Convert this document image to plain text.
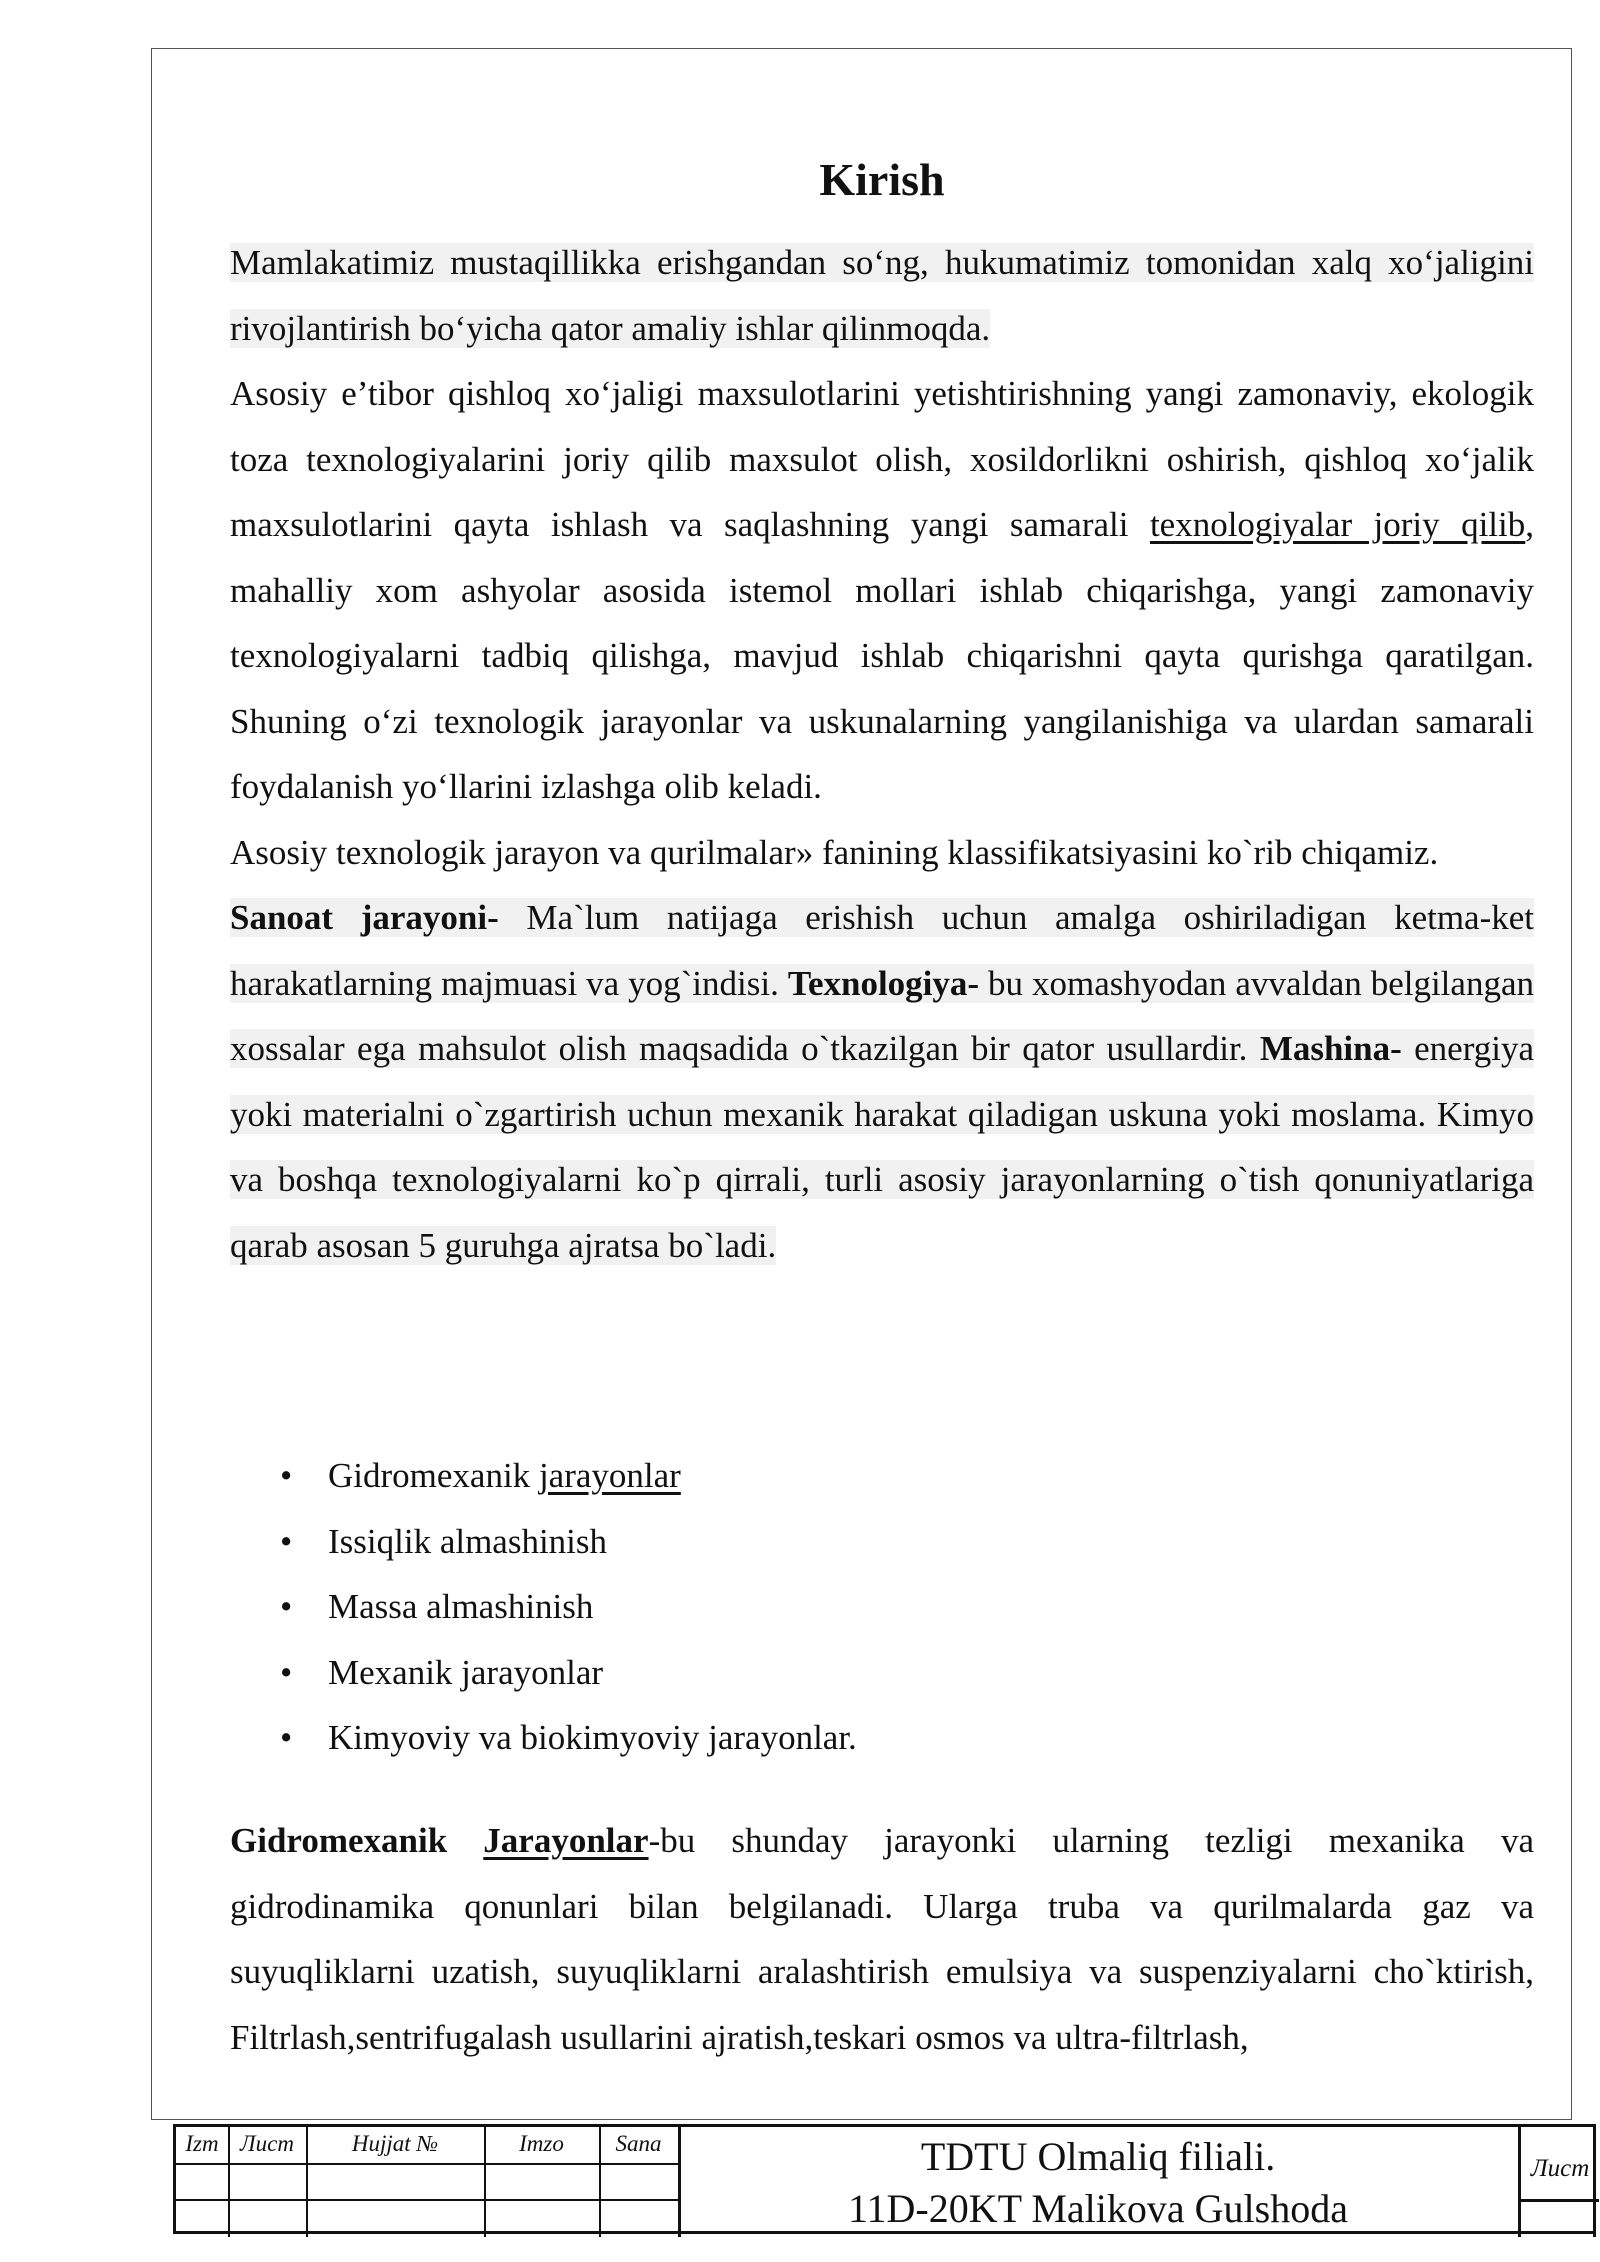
Kirish

Mamlakatimiz mustaqillikka erishgandan so‘ng, hukumatimiz tomonidan xalq xo‘jaligini rivojlantirish bo‘yicha qator amaliy ishlar qilinmoqda.

Asosiy e’tibor qishloq xo‘jaligi maxsulotlarini yetishtirishning yangi zamonaviy, ekologik toza texnologiyalarini joriy qilib maxsulot olish, xosildorlikni oshirish, qishloq xo‘jalik maxsulotlarini qayta ishlash va saqlashning yangi samarali texnologiyalar joriy qilib, mahalliy xom ashyolar asosida istemol mollari ishlab chiqarishga, yangi zamonaviy texnologiyalarni tadbiq qilishga, mavjud ishlab chiqarishni qayta qurishga qaratilgan. Shuning o‘zi texnologik jarayonlar va uskunalarning yangilanishiga va ulardan samarali foydalanish yo‘llarini izlashga olib keladi.

Asosiy texnologik jarayon va qurilmalar» fanining klassifikatsiyasini ko`rib chiqamiz.

Sanoat jarayoni- Ma`lum natijaga erishish uchun amalga oshiriladigan ketma-ket harakatlarning majmuasi va yog`indisi. Texnologiya- bu xomashyodan avvaldan belgilangan xossalar ega mahsulot olish maqsadida o`tkazilgan bir qator usullardir. Mashina- energiya yoki materialni o`zgartirish uchun mexanik harakat qiladigan uskuna yoki moslama. Kimyo va boshqa texnologiyalarni ko`p qirrali, turli asosiy jarayonlarning o`tish qonuniyatlariga qarab asosan 5 guruhga ajratsa bo`ladi.

• Gidromexanik jarayonlar
• Issiqlik almashinish
• Massa almashinish
• Mexanik jarayonlar
• Kimyoviy va biokimyoviy jarayonlar.

Gidromexanik Jarayonlar-bu shunday jarayonki ularning tezligi mexanika va gidrodinamika qonunlari bilan belgilanadi. Ularga truba va qurilmalarda gaz va suyuqliklarni uzatish, suyuqliklarni aralashtirish emulsiya va suspenziyalarni cho`ktirish, Filtrlash,sentrifugalash usullarini ajratish,teskari osmos va ultra-filtrlash,

Izm Лист	Hujjat №	Imzo	Sana	TDTU Olmaliq filiali.
11D-20KT Malikova Gulshoda
Лист
